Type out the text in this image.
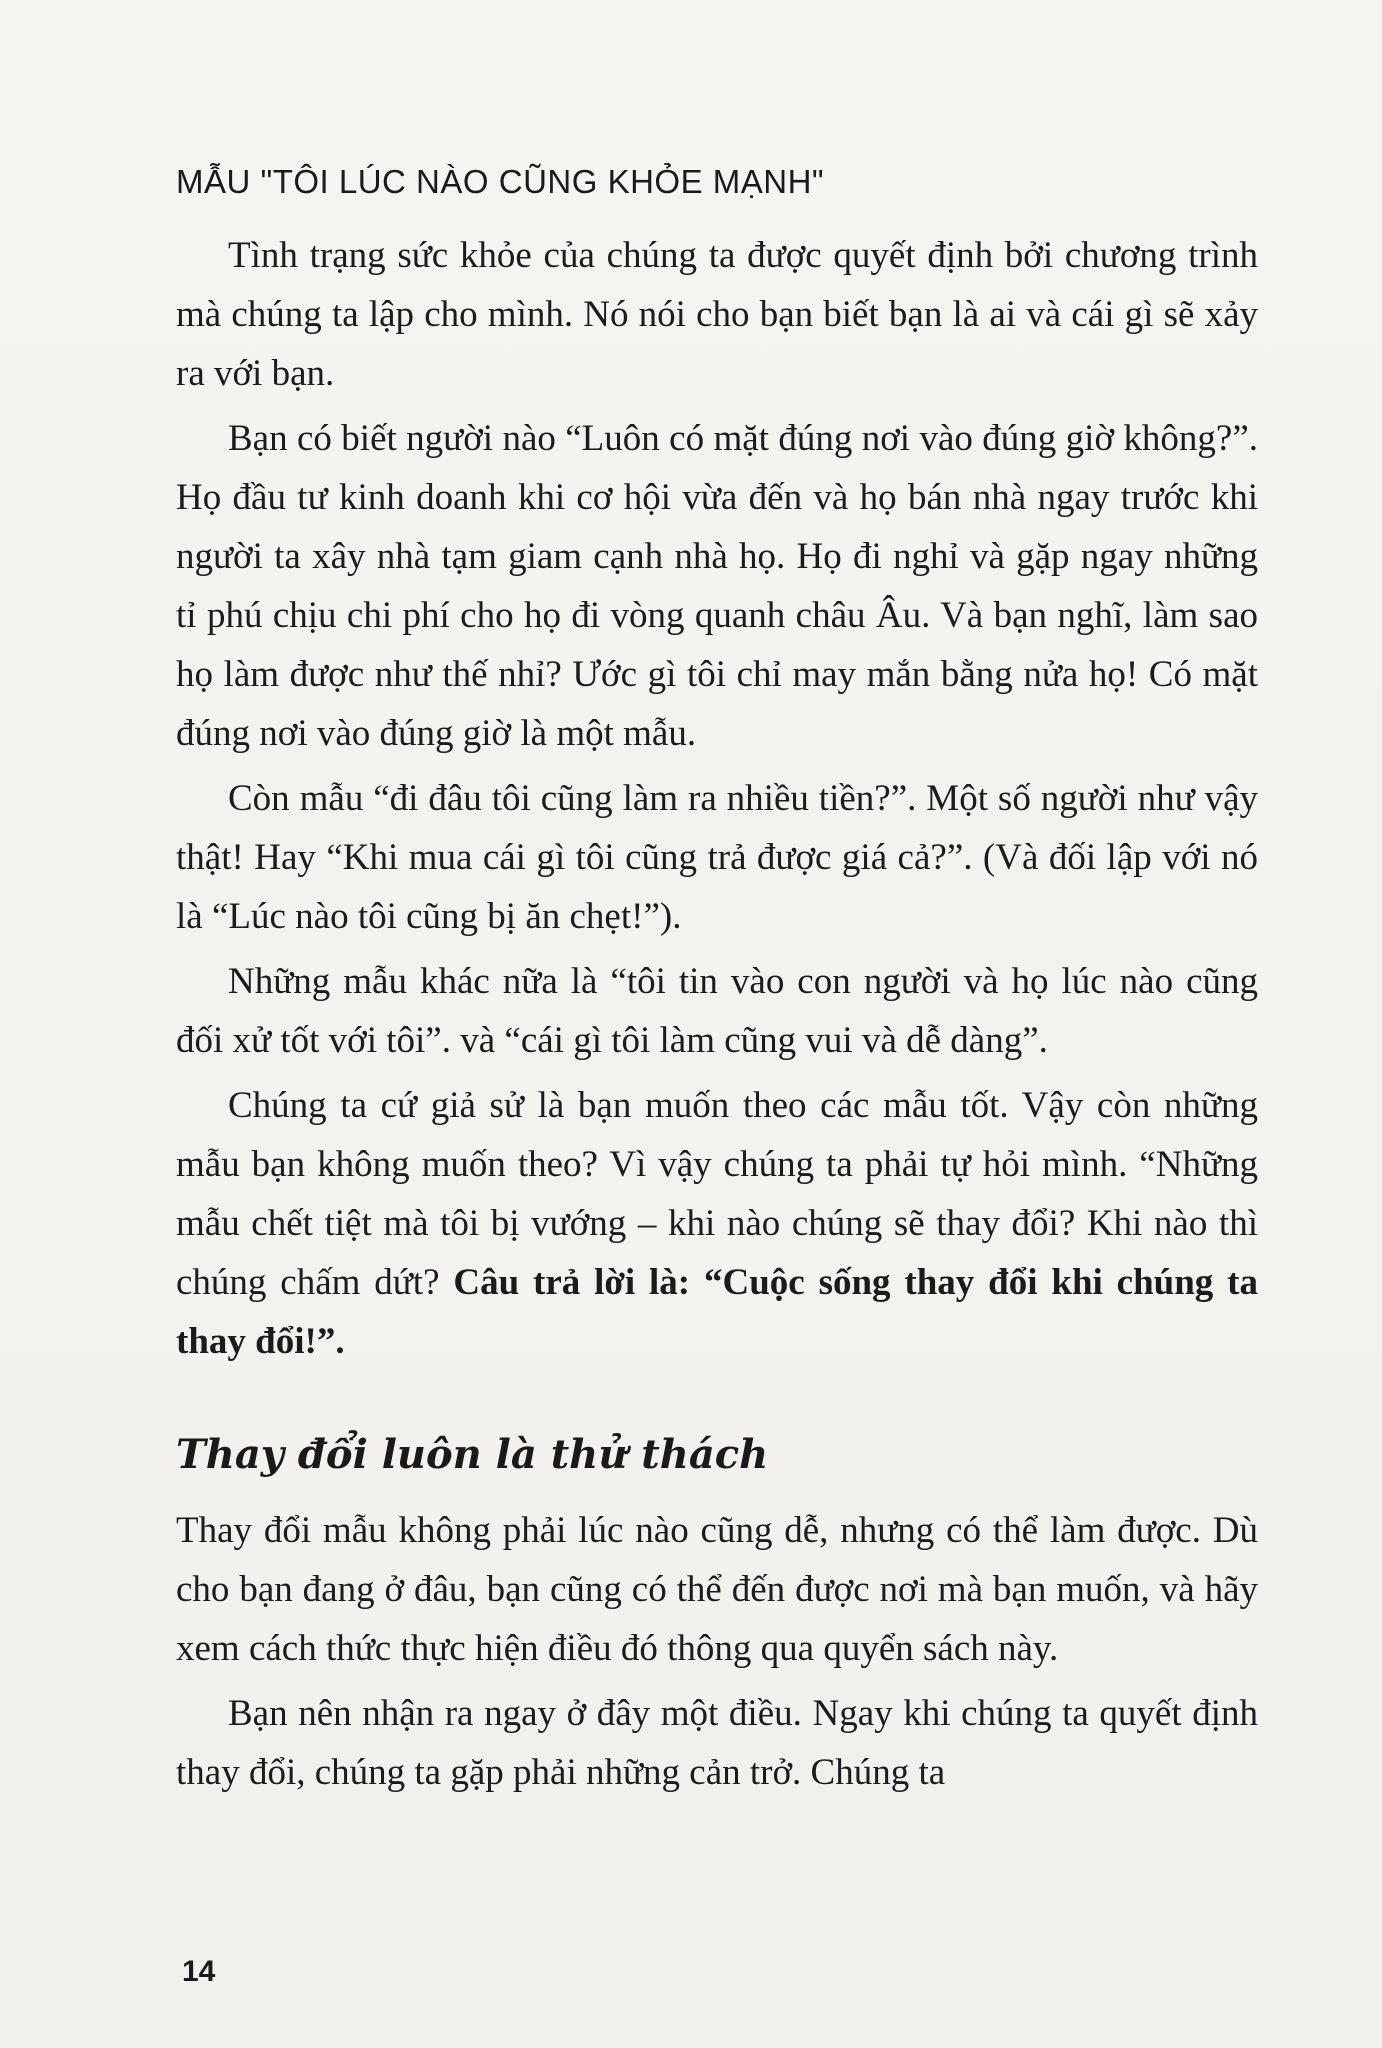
MẪU "TÔI LÚC NÀO CŨNG KHỎE MẠNH"

Tình trạng sức khỏe của chúng ta được quyết định bởi chương trình mà chúng ta lập cho mình. Nó nói cho bạn biết bạn là ai và cái gì sẽ xảy ra với bạn.

Bạn có biết người nào “Luôn có mặt đúng nơi vào đúng giờ không?”. Họ đầu tư kinh doanh khi cơ hội vừa đến và họ bán nhà ngay trước khi người ta xây nhà tạm giam cạnh nhà họ. Họ đi nghỉ và gặp ngay những tỉ phú chịu chi phí cho họ đi vòng quanh châu Âu. Và bạn nghĩ, làm sao họ làm được như thế nhỉ? Ước gì tôi chỉ may mắn bằng nửa họ! Có mặt đúng nơi vào đúng giờ là một mẫu.

Còn mẫu “đi đâu tôi cũng làm ra nhiều tiền?”. Một số người như vậy thật! Hay “Khi mua cái gì tôi cũng trả được giá cả?”. (Và đối lập với nó là “Lúc nào tôi cũng bị ăn chẹt!”).

Những mẫu khác nữa là “tôi tin vào con người và họ lúc nào cũng đối xử tốt với tôi”. và “cái gì tôi làm cũng vui và dễ dàng”.

Chúng ta cứ giả sử là bạn muốn theo các mẫu tốt. Vậy còn những mẫu bạn không muốn theo? Vì vậy chúng ta phải tự hỏi mình. “Những mẫu chết tiệt mà tôi bị vướng – khi nào chúng sẽ thay đổi? Khi nào thì chúng chấm dứt? Câu trả lời là: “Cuộc sống thay đổi khi chúng ta thay đổi!”.

Thay đổi luôn là thử thách

Thay đổi mẫu không phải lúc nào cũng dễ, nhưng có thể làm được. Dù cho bạn đang ở đâu, bạn cũng có thể đến được nơi mà bạn muốn, và hãy xem cách thức thực hiện điều đó thông qua quyển sách này.

Bạn nên nhận ra ngay ở đây một điều. Ngay khi chúng ta quyết định thay đổi, chúng ta gặp phải những cản trở. Chúng ta

14
